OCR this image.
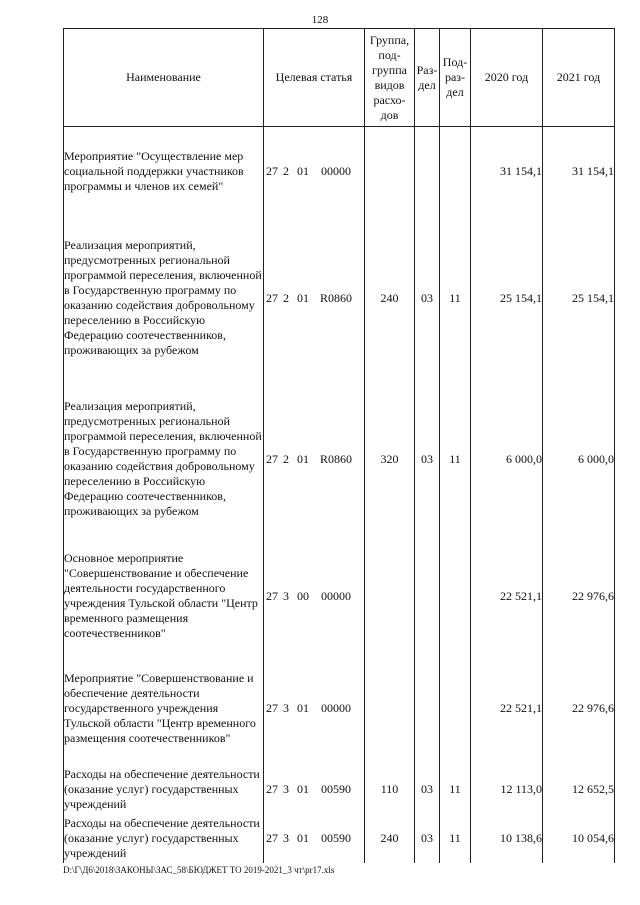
128
Наименование	Целевая статья	Группа, под-группа видов расхо-дов	Раз-дел	Под-раз-дел	2020 год	2021 год

Мероприятие "Осуществление мер социальной поддержки участников программы и членов их семей"	27 2 01 00000				31 154,1	31 154,1

Реализация мероприятий, предусмотренных региональной программой переселения, включенной в Государственную программу по оказанию содействия добровольному переселению в Российскую Федерацию соотечественников, проживающих за рубежом	27 2 01 R0860	240	03	11	25 154,1	25 154,1

Реализация мероприятий, предусмотренных региональной программой переселения, включенной в Государственную программу по оказанию содействия добровольному переселению в Российскую Федерацию соотечественников, проживающих за рубежом	27 2 01 R0860	320	03	11	6 000,0	6 000,0

Основное мероприятие "Совершенствование и обеспечение деятельности государственного учреждения Тульской области "Центр временного размещения соотечественников"	27 3 00 00000				22 521,1	22 976,6

Мероприятие "Совершенствование и обеспечение деятельности государственного учреждения Тульской области "Центр временного размещения соотечественников"	27 3 01 00000				22 521,1	22 976,6

Расходы на обеспечение деятельности (оказание услуг) государственных учреждений	27 3 01 00590	110	03	11	12 113,0	12 652,5

Расходы на обеспечение деятельности (оказание услуг) государственных учреждений	27 3 01 00590	240	03	11	10 138,6	10 054,6
D:\Г\Д6\2018\ЗАКОНЫ\ЗАС_58\БЮДЖЕТ ТО 2019-2021_3 чт\pr17.xls
